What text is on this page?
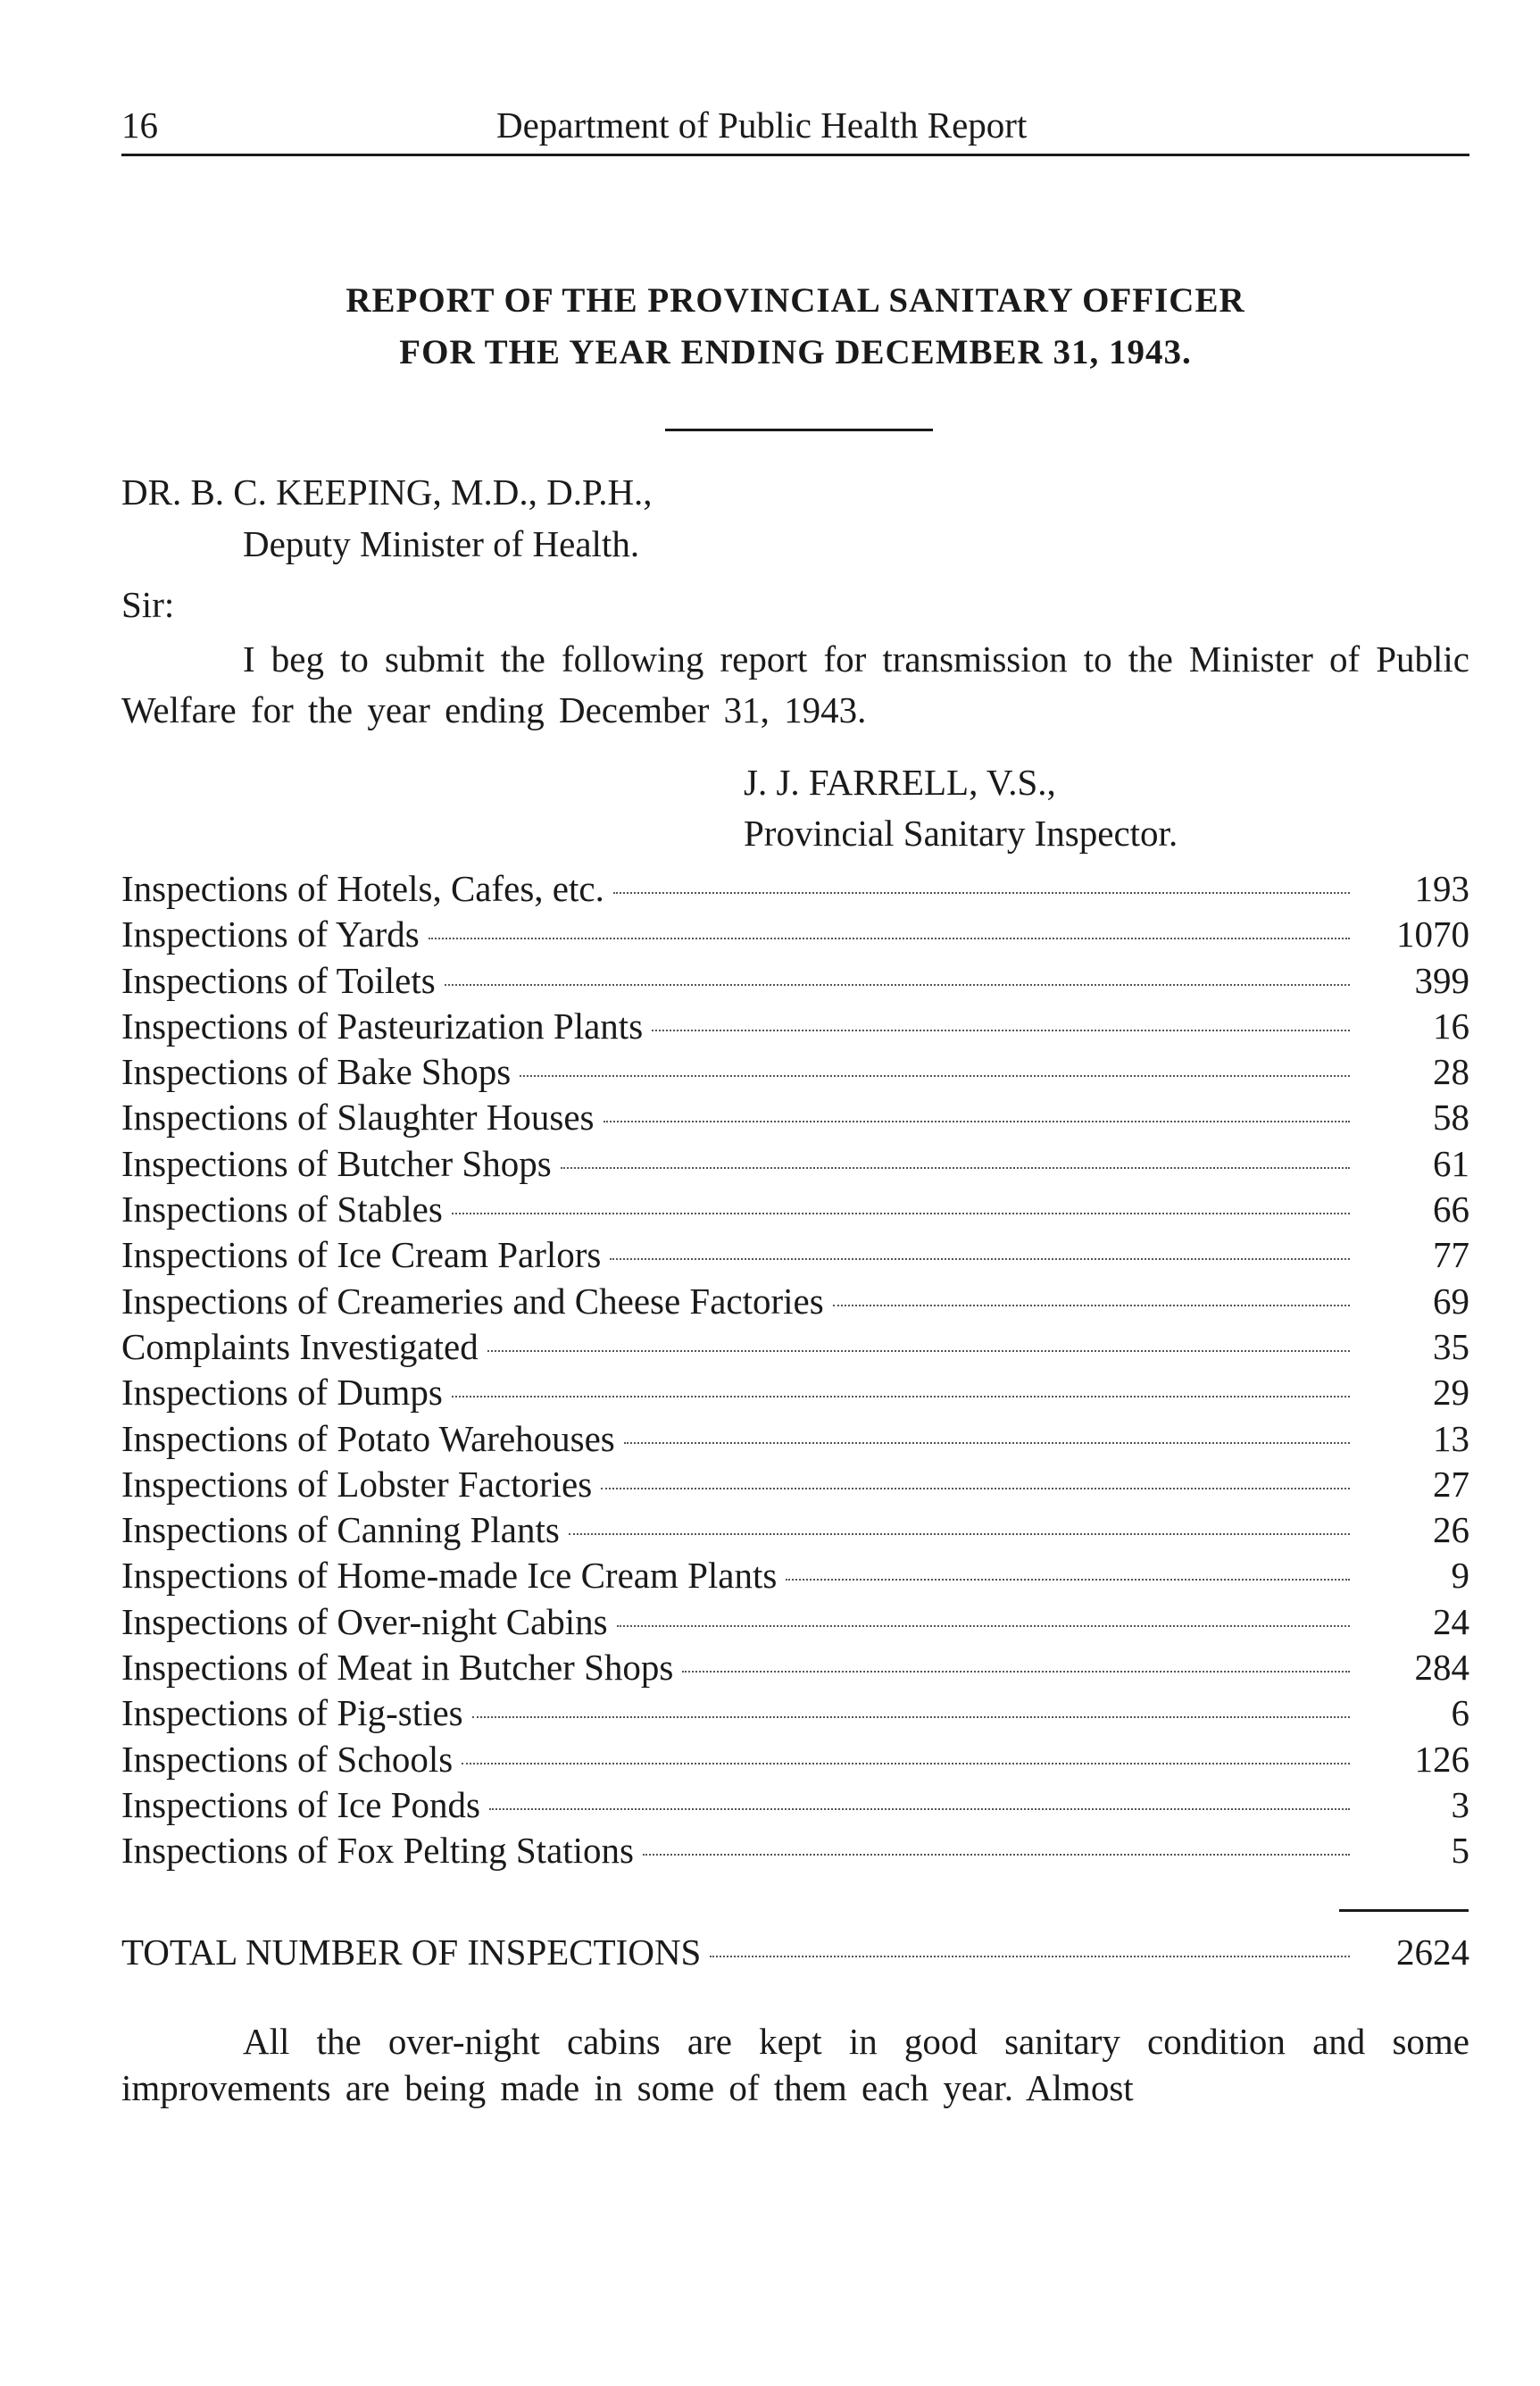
16	Department of Public Health Report
REPORT OF THE PROVINCIAL SANITARY OFFICER
FOR THE YEAR ENDING DECEMBER 31, 1943.
DR. B. C. KEEPING, M.D., D.P.H.,
Deputy Minister of Health.
Sir:
I beg to submit the following report for transmission to the Minister of Public Welfare for the year ending December 31, 1943.
J. J. FARRELL, V.S.,
Provincial Sanitary Inspector.
Inspections of Hotels, Cafes, etc.	193
Inspections of Yards	1070
Inspections of Toilets	399
Inspections of Pasteurization Plants	16
Inspections of Bake Shops	28
Inspections of Slaughter Houses	58
Inspections of Butcher Shops	61
Inspections of Stables	66
Inspections of Ice Cream Parlors	77
Inspections of Creameries and Cheese Factories	69
Complaints Investigated	35
Inspections of Dumps	29
Inspections of Potato Warehouses	13
Inspections of Lobster Factories	27
Inspections of Canning Plants	26
Inspections of Home-made Ice Cream Plants	9
Inspections of Over-night Cabins	24
Inspections of Meat in Butcher Shops	284
Inspections of Pig-sties	6
Inspections of Schools	126
Inspections of Ice Ponds	3
Inspections of Fox Pelting Stations	5
TOTAL NUMBER OF INSPECTIONS	2624
All the over-night cabins are kept in good sanitary condition and some improvements are being made in some of them each year. Almost
